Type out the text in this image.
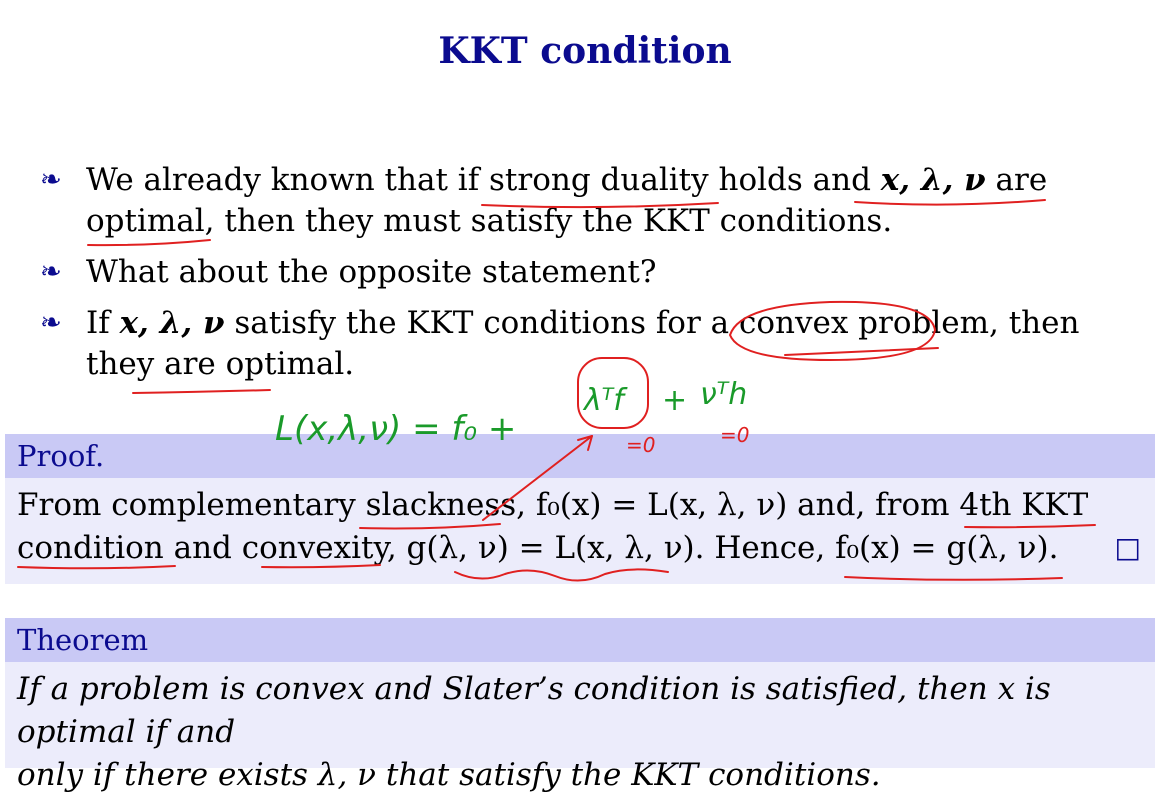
KKT condition
❧ We already known that if strong duality holds and x, λ, ν are optimal, then they must satisfy the KKT conditions.
❧ What about the opposite statement?
❧ If x, λ, ν satisfy the KKT conditions for a convex problem, then they are optimal.
Proof.
From complementary slackness, f₀(x) = L(x, λ, ν) and, from 4th KKT
condition and convexity, g(λ, ν) = L(x, λ, ν). Hence, f₀(x) = g(λ, ν).	□
Theorem
If a problem is convex and Slater’s condition is satisfied, then x is optimal if and
only if there exists λ, ν that satisfy the KKT conditions.
L(x,λ,ν) = f₀ +
λᵀf + νᵀh
=0	=0
